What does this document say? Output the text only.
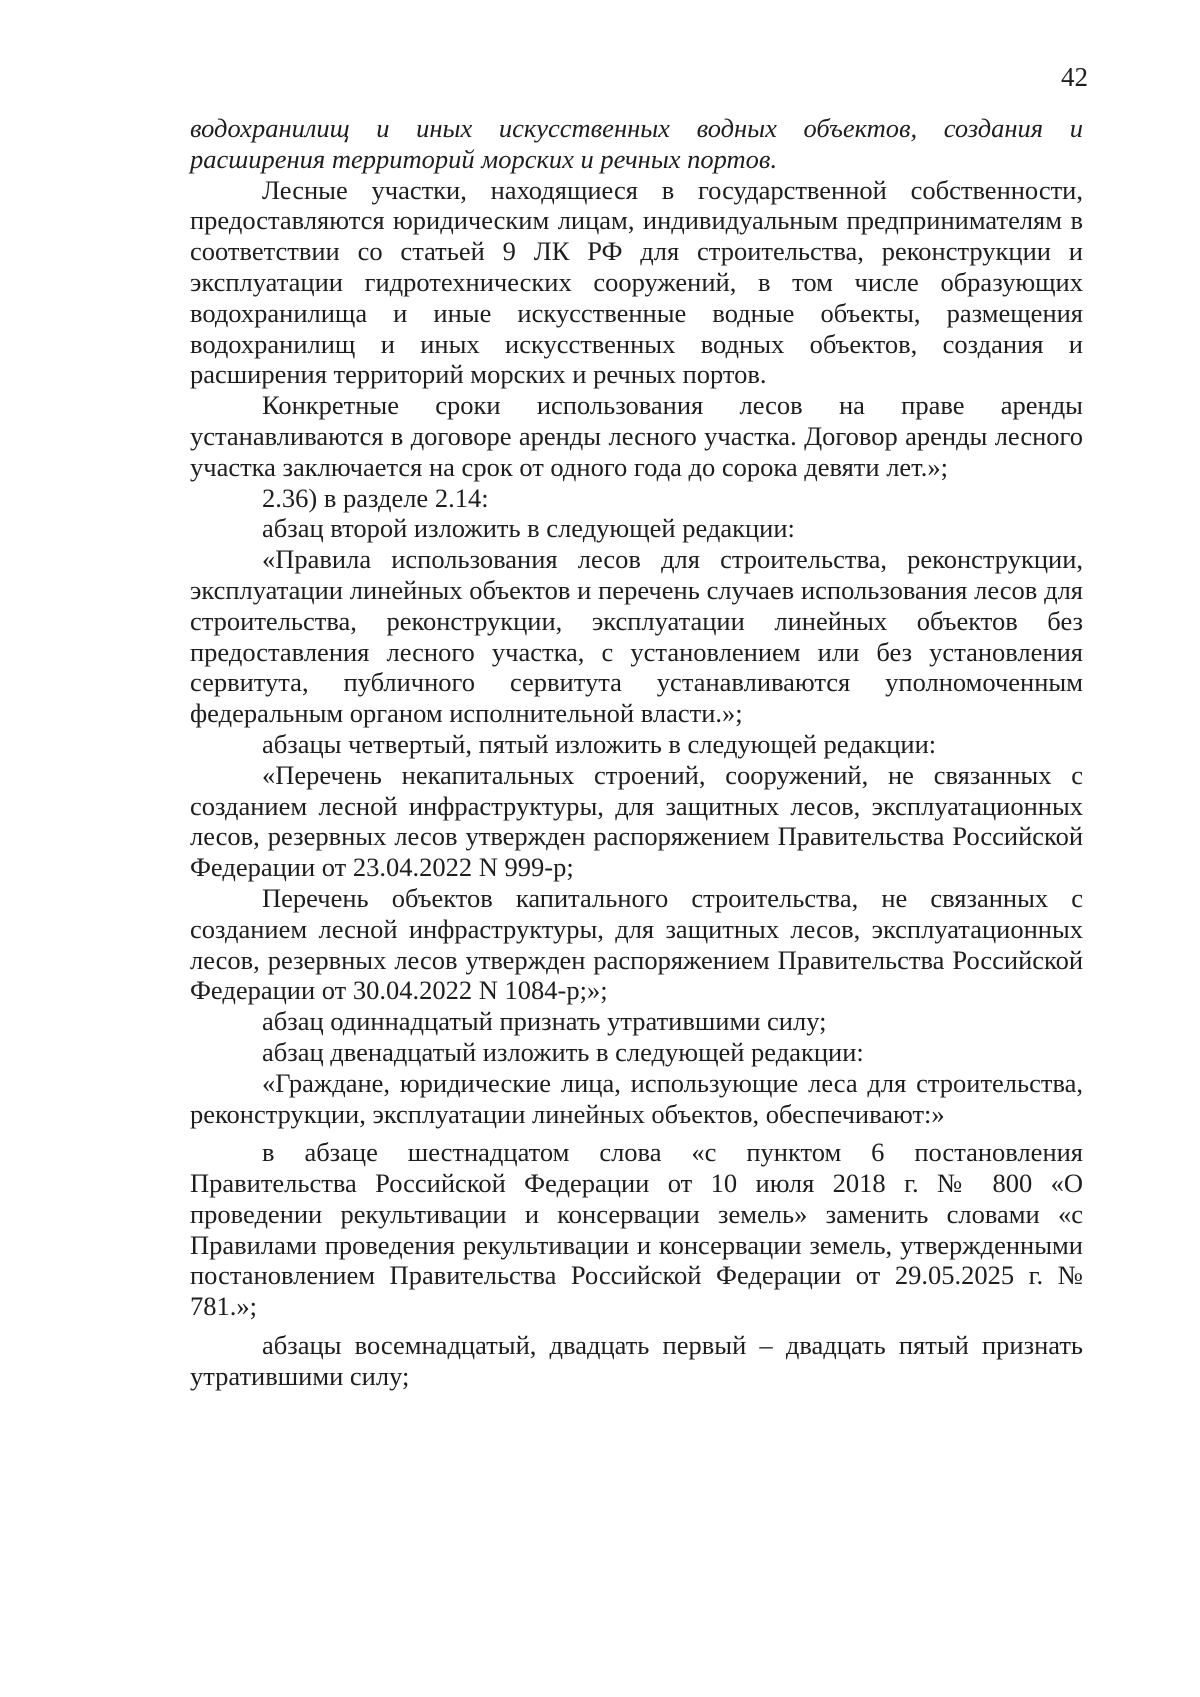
42

водохранилищ и иных искусственных водных объектов, создания и расширения территорий морских и речных портов.

Лесные участки, находящиеся в государственной собственности, предоставляются юридическим лицам, индивидуальным предпринимателям в соответствии со статьей 9 ЛК РФ для строительства, реконструкции и эксплуатации гидротехнических сооружений, в том числе образующих водохранилища и иные искусственные водные объекты, размещения водохранилищ и иных искусственных водных объектов, создания и расширения территорий морских и речных портов.

Конкретные сроки использования лесов на праве аренды устанавливаются в договоре аренды лесного участка. Договор аренды лесного участка заключается на срок от одного года до сорока девяти лет.»;

2.36) в разделе 2.14:

абзац второй изложить в следующей редакции:

«Правила использования лесов для строительства, реконструкции, эксплуатации линейных объектов и перечень случаев использования лесов для строительства, реконструкции, эксплуатации линейных объектов без предоставления лесного участка, с установлением или без установления сервитута, публичного сервитута устанавливаются уполномоченным федеральным органом исполнительной власти.»;

абзацы четвертый, пятый изложить в следующей редакции:

«Перечень некапитальных строений, сооружений, не связанных с созданием лесной инфраструктуры, для защитных лесов, эксплуатационных лесов, резервных лесов утвержден распоряжением Правительства Российской Федерации от 23.04.2022 N 999-р;

Перечень объектов капитального строительства, не связанных с созданием лесной инфраструктуры, для защитных лесов, эксплуатационных лесов, резервных лесов утвержден распоряжением Правительства Российской Федерации от 30.04.2022 N 1084-р;»;

абзац одиннадцатый признать утратившими силу;

абзац двенадцатый изложить в следующей редакции:

«Граждане, юридические лица, использующие леса для строительства, реконструкции, эксплуатации линейных объектов, обеспечивают:»

в абзаце шестнадцатом слова «с пунктом 6 постановления Правительства Российской Федерации от 10 июля 2018 г. № 800 «О проведении рекультивации и консервации земель» заменить словами «с Правилами проведения рекультивации и консервации земель, утвержденными постановлением Правительства Российской Федерации от 29.05.2025 г. № 781.»;

абзацы восемнадцатый, двадцать первый – двадцать пятый признать утратившими силу;
